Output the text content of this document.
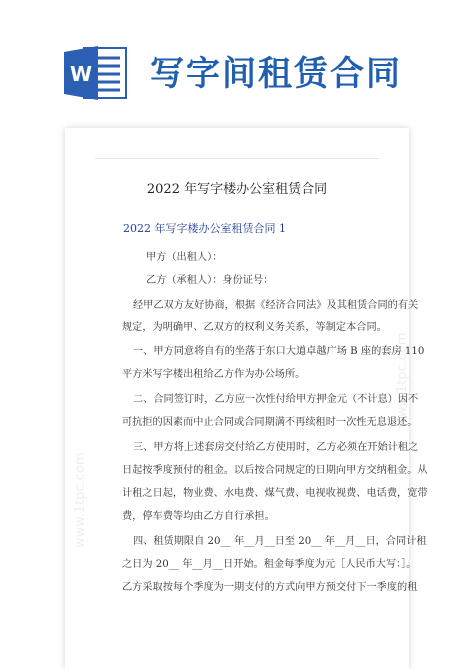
W 写字间租赁合同
www.1tpc.com
www.1tpc.com
2022 年写字楼办公室租赁合同
2022 年写字楼办公室租赁合同 1
甲方（出租人）：
乙方（承租人）：身份证号：
经甲乙双方友好协商，根据《经济合同法》及其租赁合同的有关
规定，为明确甲、乙双方的权利义务关系，等制定本合同。
一、甲方同意将自有的坐落于东口大道卓越广场 B 座的套房 110
平方米写字楼出租给乙方作为办公场所。
二、合同签订时，乙方应一次性付给甲方押金元（不计息）因不
可抗拒的因素而中止合同或合同期满不再续租时一次性无息退还。
三、甲方将上述套房交付给乙方使用时，乙方必须在开始计租之
日起按季度预付的租金。以后按合同规定的日期向甲方交纳租金。从
计租之日起，物业费、水电费、煤气费、电视收视费、电话费，宽带
费，停车费等均由乙方自行承担。
四、租赁期限自 20__ 年__月__日至 20__ 年__月__日，合同计租
之日为 20__ 年__月__日开始。租金每季度为元［人民币大写：］。
乙方采取按每个季度为一期支付的方式向甲方预交付下一季度的租
